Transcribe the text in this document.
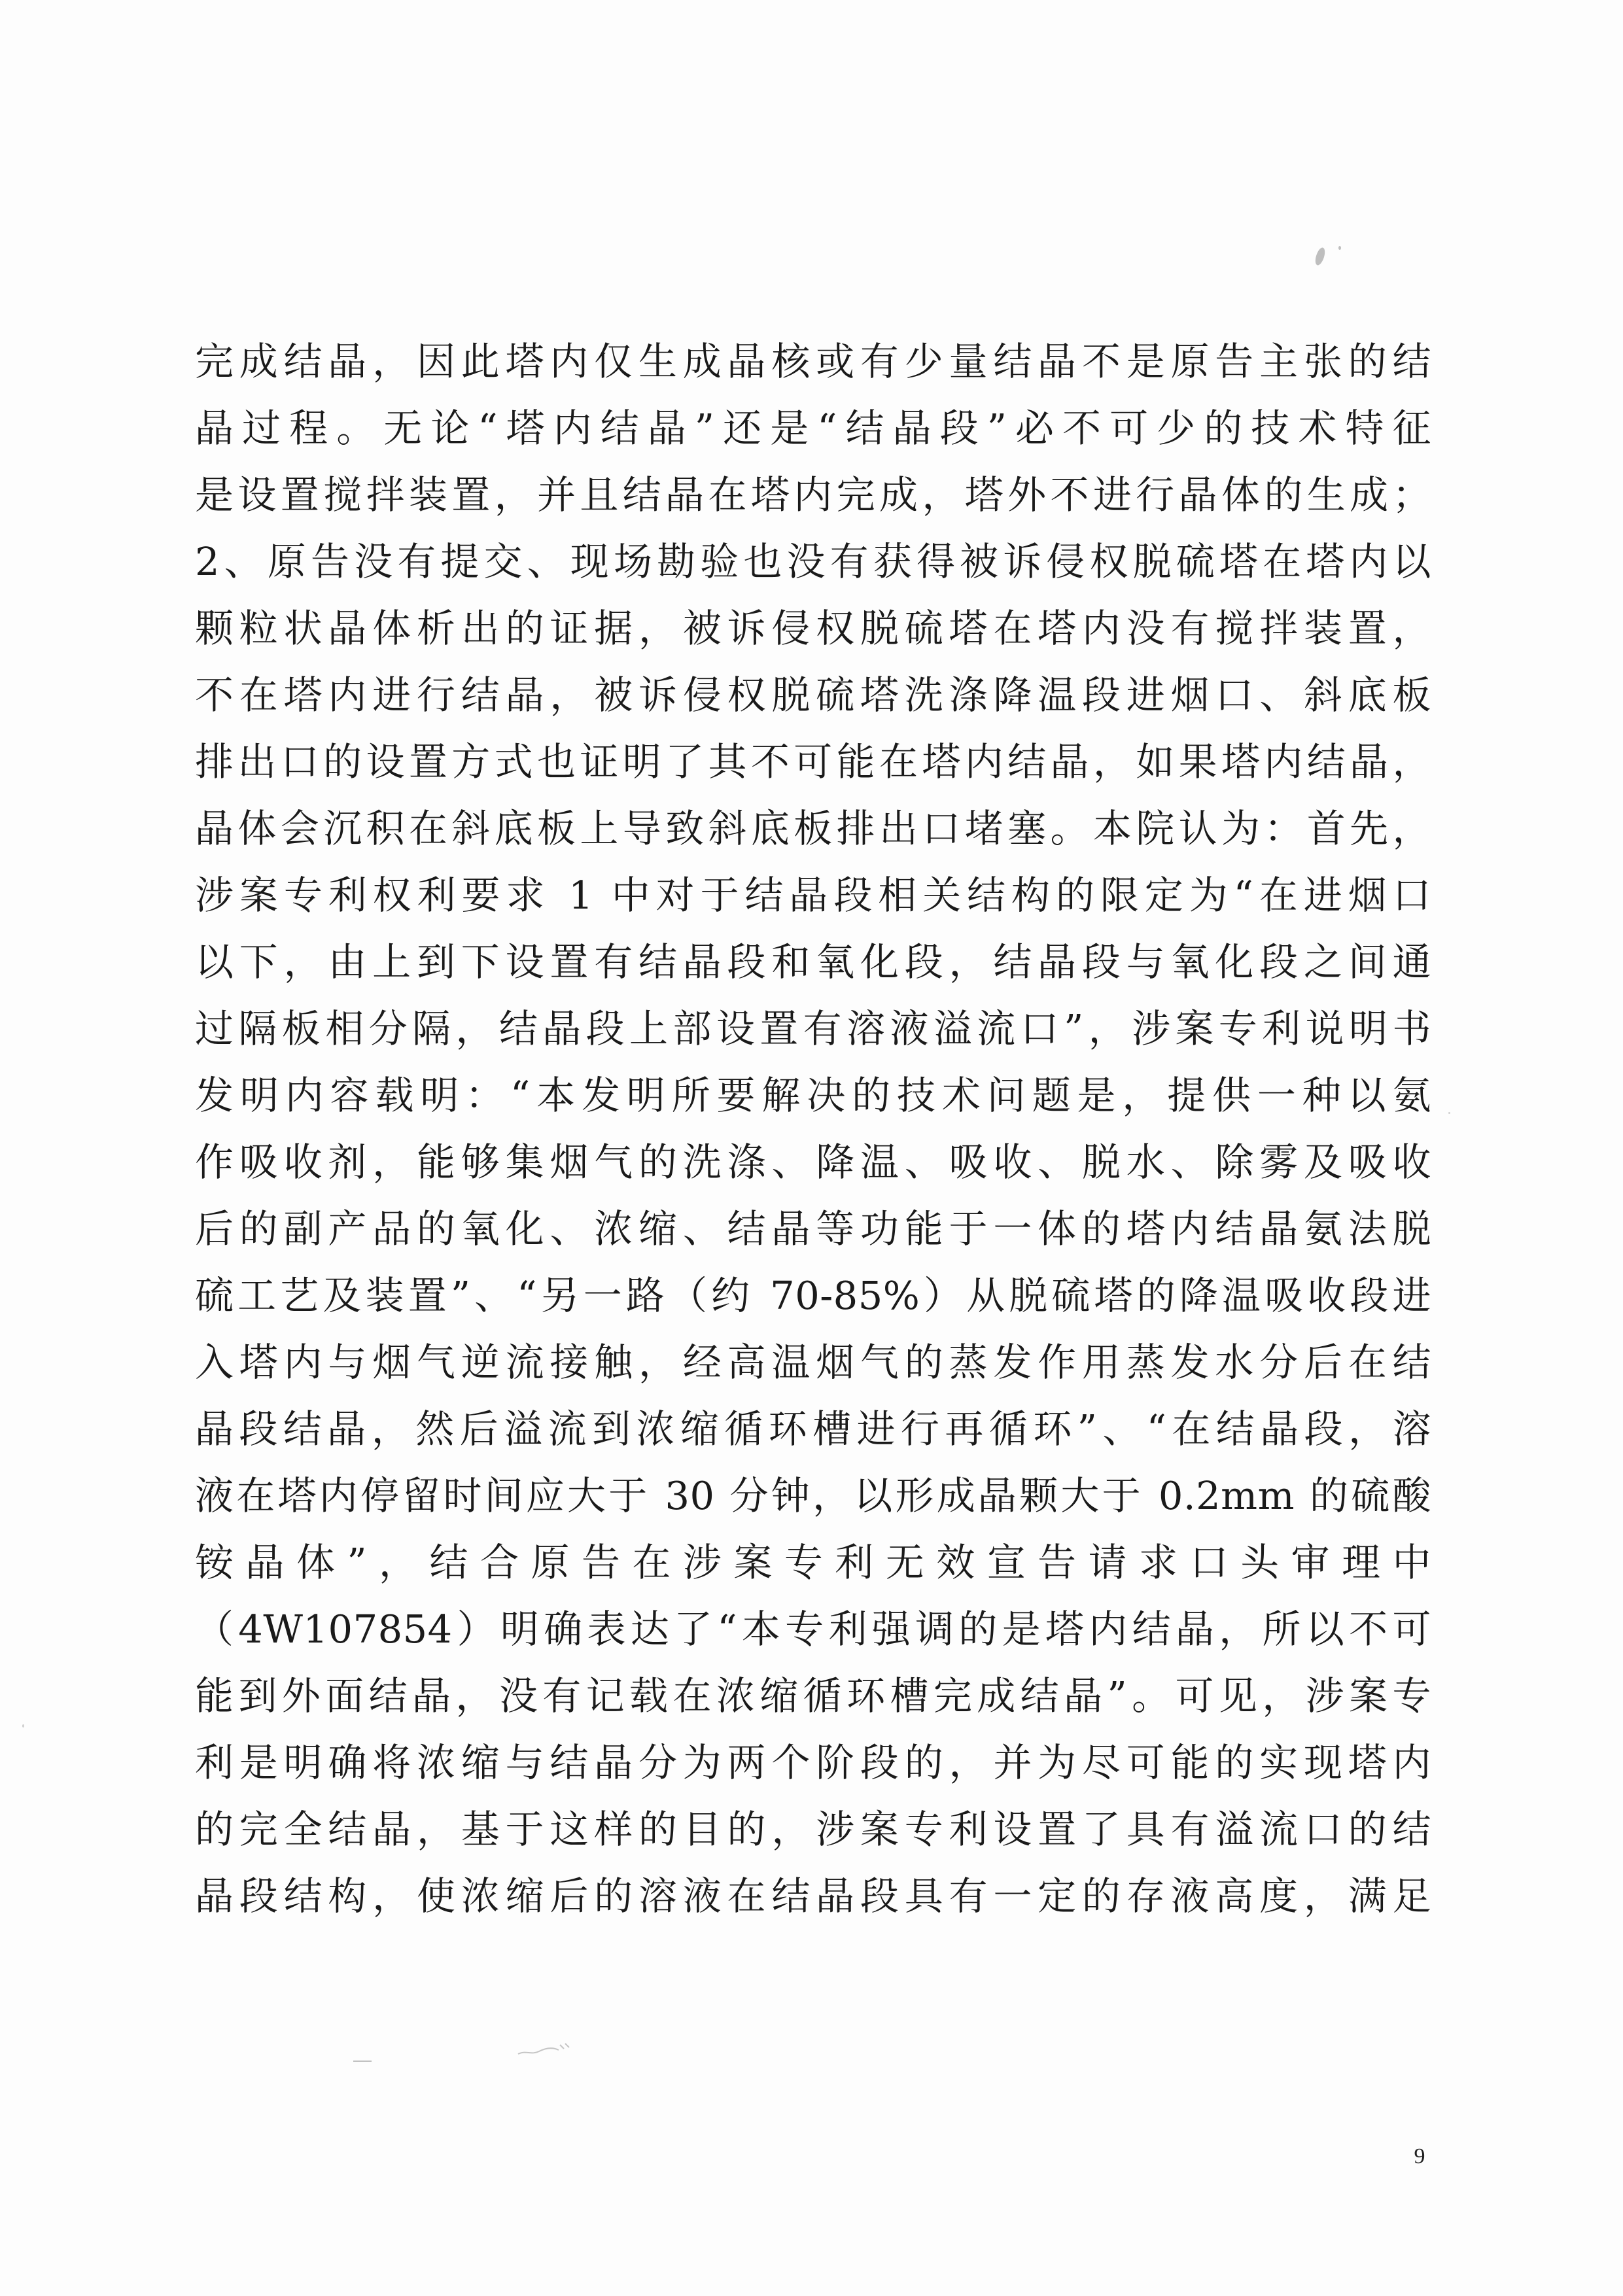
完成结晶，因此塔内仅生成晶核或有少量结晶不是原告主张的结
晶过程。无论“塔内结晶”还是“结晶段”必不可少的技术特征
是设置搅拌装置，并且结晶在塔内完成，塔外不进行晶体的生成；
2、原告没有提交、现场勘验也没有获得被诉侵权脱硫塔在塔内以
颗粒状晶体析出的证据，被诉侵权脱硫塔在塔内没有搅拌装置，
不在塔内进行结晶，被诉侵权脱硫塔洗涤降温段进烟口、斜底板
排出口的设置方式也证明了其不可能在塔内结晶，如果塔内结晶，
晶体会沉积在斜底板上导致斜底板排出口堵塞。本院认为：首先，
涉案专利权利要求 1 中对于结晶段相关结构的限定为“在进烟口
以下，由上到下设置有结晶段和氧化段，结晶段与氧化段之间通
过隔板相分隔，结晶段上部设置有溶液溢流口”，涉案专利说明书
发明内容载明：“本发明所要解决的技术问题是，提供一种以氨
作吸收剂，能够集烟气的洗涤、降温、吸收、脱水、除雾及吸收
后的副产品的氧化、浓缩、结晶等功能于一体的塔内结晶氨法脱
硫工艺及装置”、“另一路（约 70-85%）从脱硫塔的降温吸收段进
入塔内与烟气逆流接触，经高温烟气的蒸发作用蒸发水分后在结
晶段结晶，然后溢流到浓缩循环槽进行再循环”、“在结晶段，溶
液在塔内停留时间应大于 30 分钟，以形成晶颗大于 0.2mm 的硫酸
铵晶体”，结合原告在涉案专利无效宣告请求口头审理中
（4W107854）明确表达了“本专利强调的是塔内结晶，所以不可
能到外面结晶，没有记载在浓缩循环槽完成结晶”。可见，涉案专
利是明确将浓缩与结晶分为两个阶段的，并为尽可能的实现塔内
的完全结晶，基于这样的目的，涉案专利设置了具有溢流口的结
晶段结构，使浓缩后的溶液在结晶段具有一定的存液高度，满足
9
